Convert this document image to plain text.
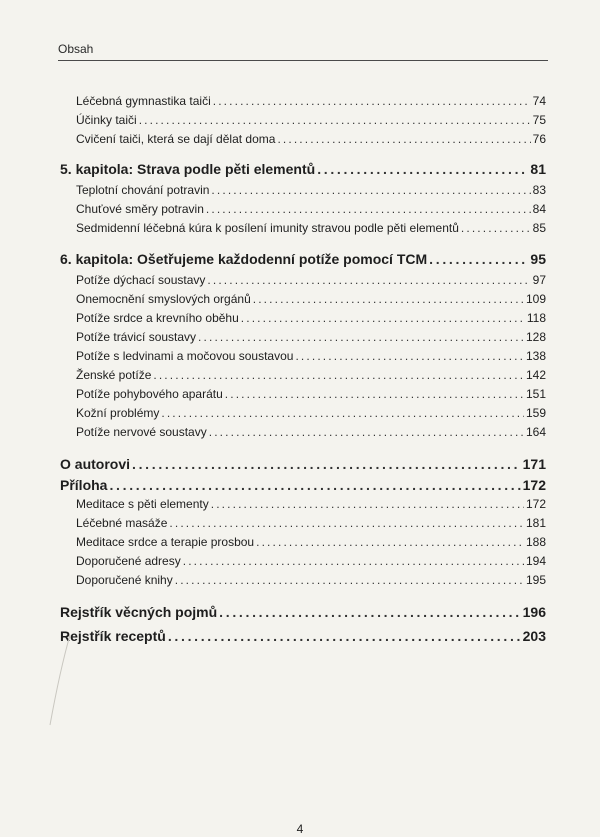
Obsah
Léčebná gymnastika taiči . . .	74
Účinky taiči . . .	75
Cvičení taiči, která se dají dělat doma . . .	76
5. kapitola: Strava podle pěti elementů . . .	81
Teplotní chování potravin . . .	83
Chuťové směry potravin . . .	84
Sedmidenní léčebná kúra k posílení imunity stravou podle pěti elementů . . .	85
6. kapitola: Ošetřujeme každodenní potíže pomocí TCM . . .	95
Potíže dýchací soustavy . . .	97
Onemocnění smyslových orgánů . . .	109
Potíže srdce a krevního oběhu . . .	118
Potíže trávicí soustavy . . .	128
Potíže s ledvinami a močovou soustavou . . .	138
Ženské potíže . . .	142
Potíže pohybového aparátu . . .	151
Kožní problémy . . .	159
Potíže nervové soustavy . . .	164
O autorovi . . .	171
Příloha . . .	172
Meditace s pěti elementy . . .	172
Léčebné masáže . . .	181
Meditace srdce a terapie prosbou . . .	188
Doporučené adresy . . .	194
Doporučené knihy . . .	195
Rejstřík věcných pojmů . . .	196
Rejstřík receptů . . .	203
4
